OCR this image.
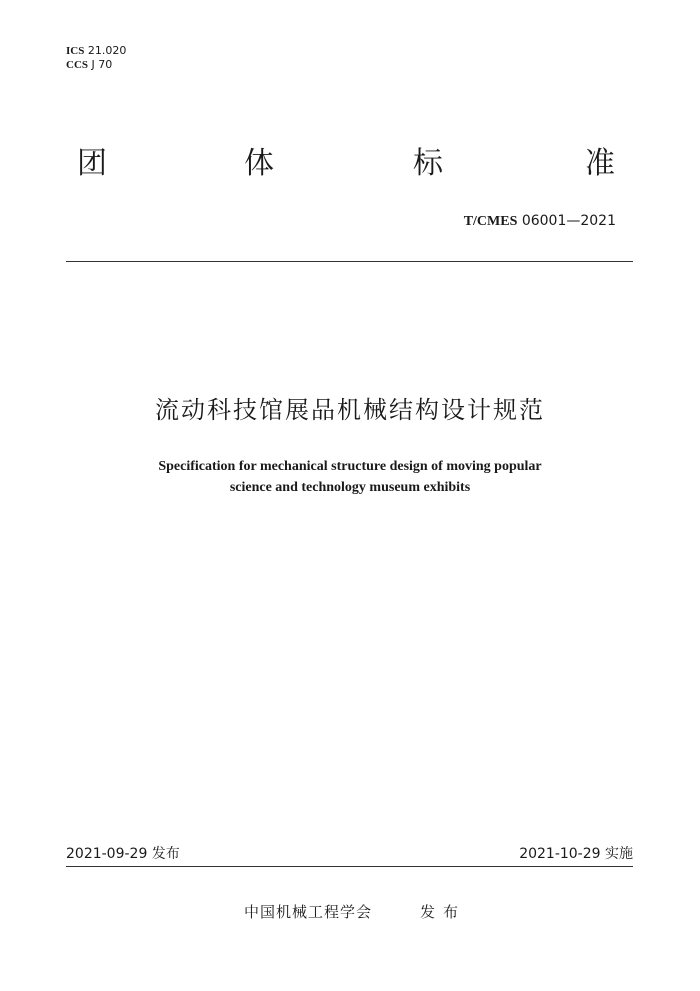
ICS 21.020
CCS J 70
团	体	标	准
T/CMES 06001—2021
流动科技馆展品机械结构设计规范
Specification for mechanical structure design of moving popular
science and technology museum exhibits
2021-09-29 发布	2021-10-29 实施
中国机械工程学会	发布
